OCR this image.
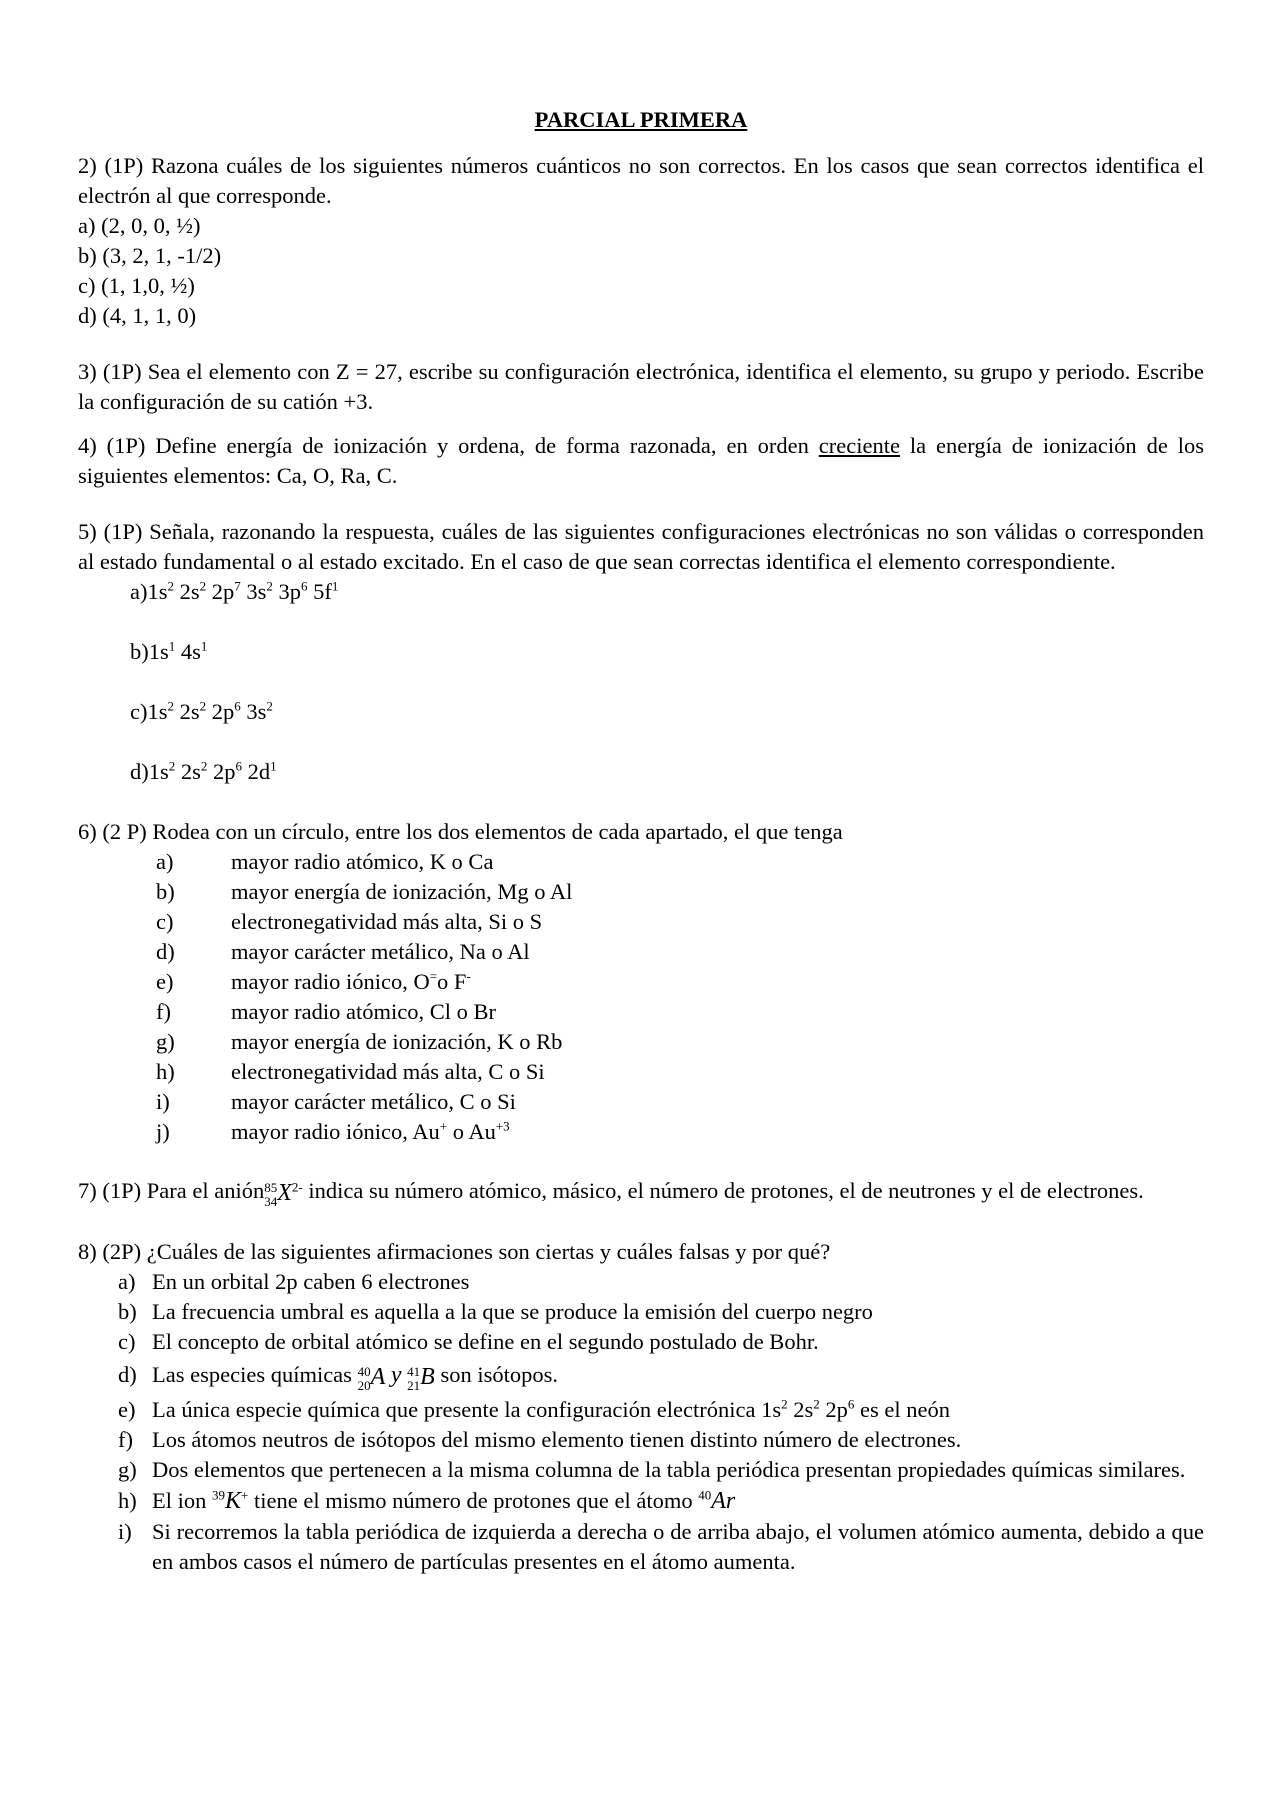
PARCIAL PRIMERA
2) (1P) Razona cuáles de los siguientes números cuánticos no son correctos. En los casos que sean correctos identifica el electrón al que corresponde.
a) (2, 0, 0, ½)
b) (3, 2, 1, -1/2)
c) (1, 1,0, ½)
d) (4, 1, 1, 0)
3) (1P) Sea el elemento con Z = 27, escribe su configuración electrónica, identifica el elemento, su grupo y periodo. Escribe la configuración de su catión +3.
4) (1P) Define energía de ionización y ordena, de forma razonada, en orden creciente la energía de ionización de los siguientes elementos: Ca, O, Ra, C.
5) (1P) Señala, razonando la respuesta, cuáles de las siguientes configuraciones electrónicas no son válidas o corresponden al estado fundamental o al estado excitado. En el caso de que sean correctas identifica el elemento correspondiente.
$a)1s^2$ $2s^2$ $2p^7$ $3s^2$ $3p^6$ $5f^1$
$b)1s^1$ $4s^1$
$c)1s^2$ $2s^2$ $2p^6$ $3s^2$
$d)1s^2$ $2s^2$ $2p^6$ $2d^1$
6) (2 P) Rodea con un círculo, entre los dos elementos de cada apartado, el que tenga
a)	mayor radio atómico, K o Ca
b)	mayor energía de ionización, Mg o Al
c)	electronegatividad más alta, Si o S
d)	mayor carácter metálico, Na o Al
e)	mayor radio iónico, O=o F-
f)	mayor radio atómico, Cl o Br
g)	mayor energía de ionización, K o Rb
h)	electronegatividad más alta, C o Si
i)	mayor carácter metálico, C o Si
j)	mayor radio iónico, Au+ o $Au^{+3}$
7) (1P) Para el anión 85
34 $X^{2-}$ indica su número atómico, másico, el número de protones, el de neutrones y el de electrones.
8) (2P) ¿Cuáles de las siguientes afirmaciones son ciertas y cuáles falsas y por qué?
a) En un orbital 2p caben 6 electrones
b) La frecuencia umbral es aquella a la que se produce la emisión del cuerpo negro
c) El concepto de orbital atómico se define en el segundo postulado de Bohr.
d) Las especies químicas 40
20 A y 41
21 B son isótopos.
e) La única especie química que presente la configuración electrónica $1s^2$ $2s^2$ $2p^6$ es el neón
f) Los átomos neutros de isótopos del mismo elemento tienen distinto número de electrones.
g) Dos elementos que pertenecen a la misma columna de la tabla periódica presentan propiedades químicas similares.
h) El ion $^{39}$K+ tiene el mismo número de protones que el átomo $^{40}$Ar
i) Si recorremos la tabla periódica de izquierda a derecha o de arriba abajo, el volumen atómico aumenta, debido a que en ambos casos el número de partículas presentes en el átomo aumenta.
